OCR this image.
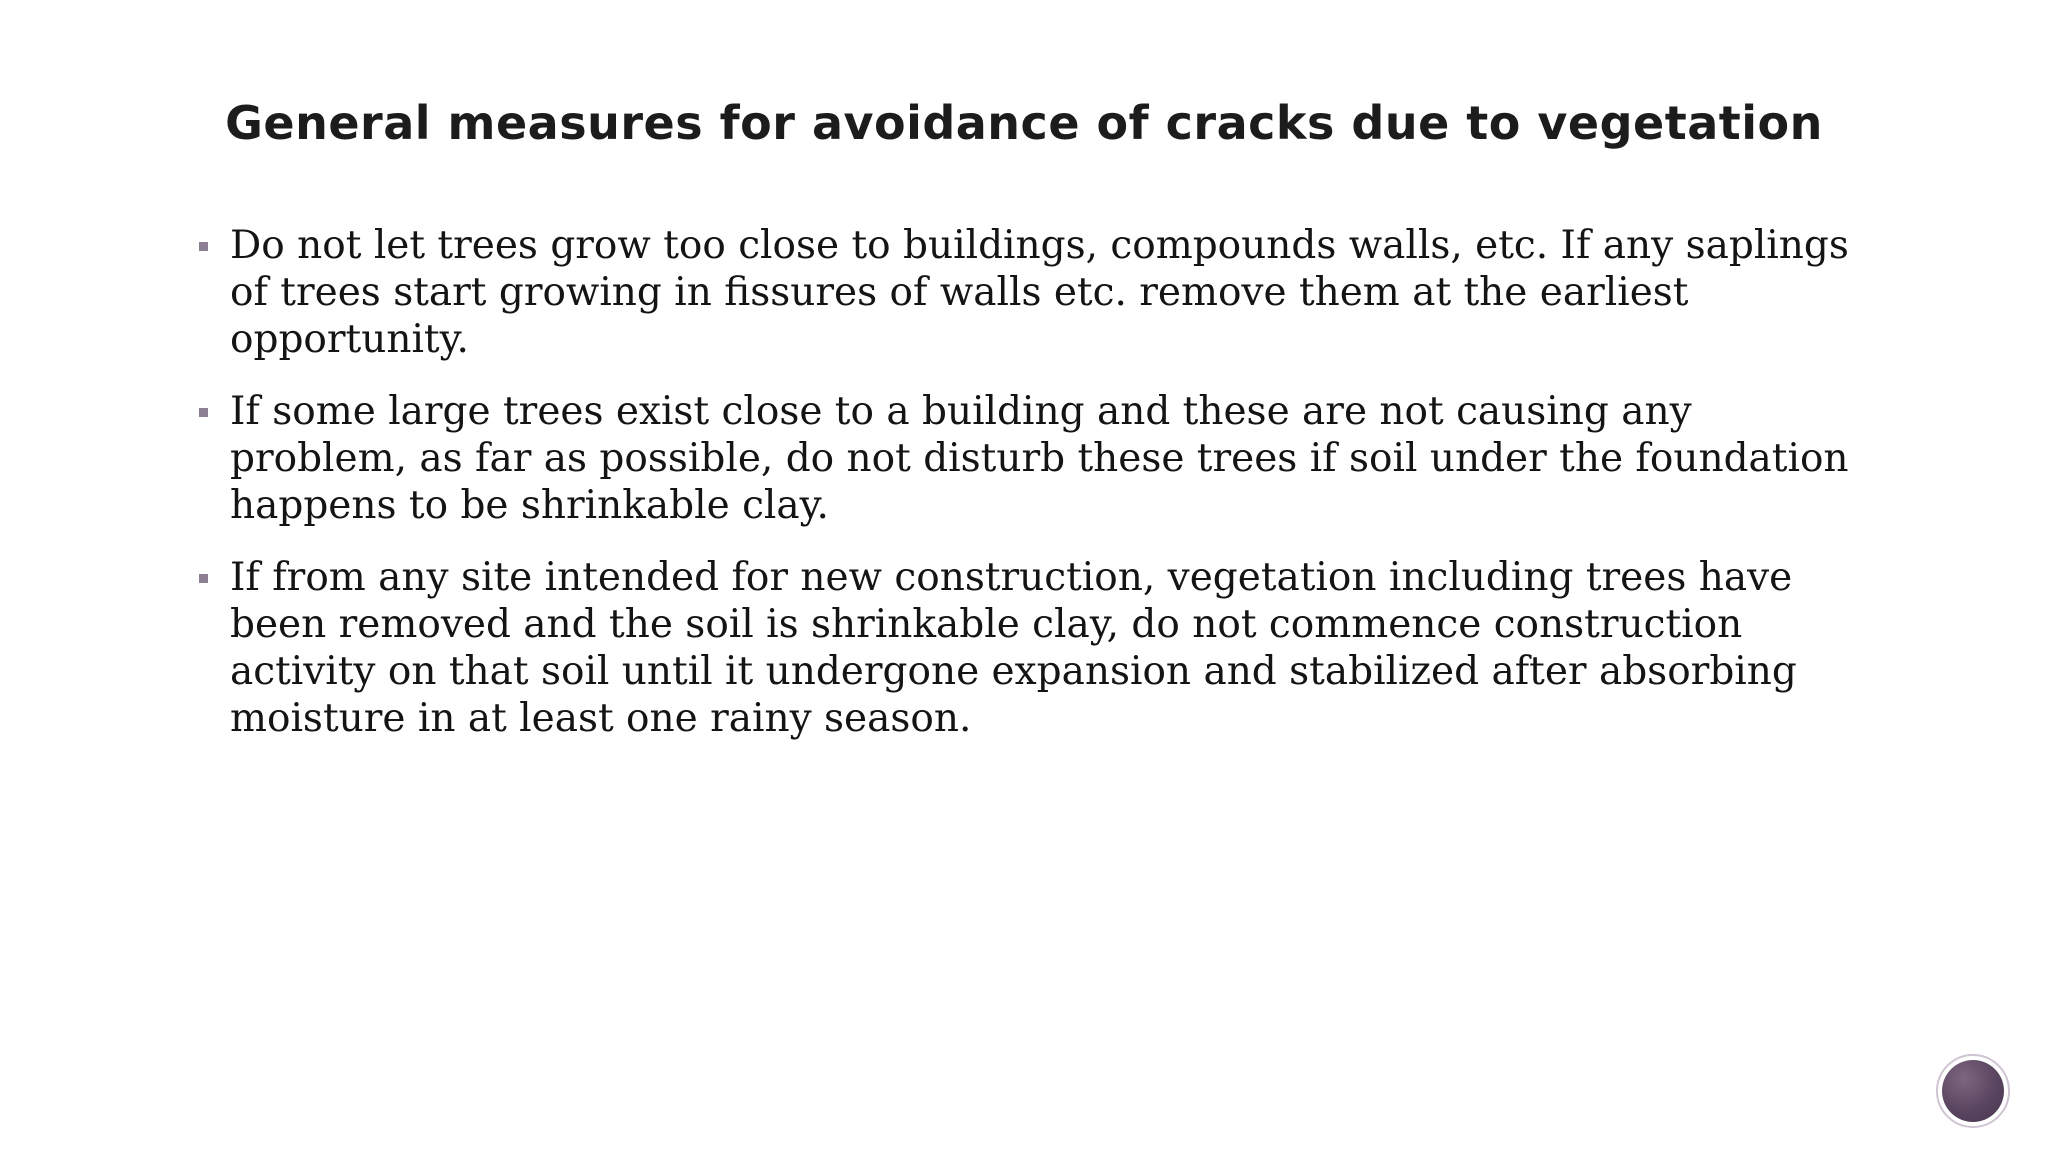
General measures for avoidance of cracks due to vegetation
Do not let trees grow too close to buildings, compounds walls, etc. If any saplings of trees start growing in fissures of walls etc. remove them at the earliest opportunity.
If some large trees exist close to a building and these are not causing any problem, as far as possible, do not disturb these trees if soil under the foundation happens to be shrinkable clay.
If from any site intended for new construction, vegetation including trees have been removed and the soil is shrinkable clay, do not commence construction activity on that soil until it undergone expansion and stabilized after absorbing moisture in at least one rainy season.
